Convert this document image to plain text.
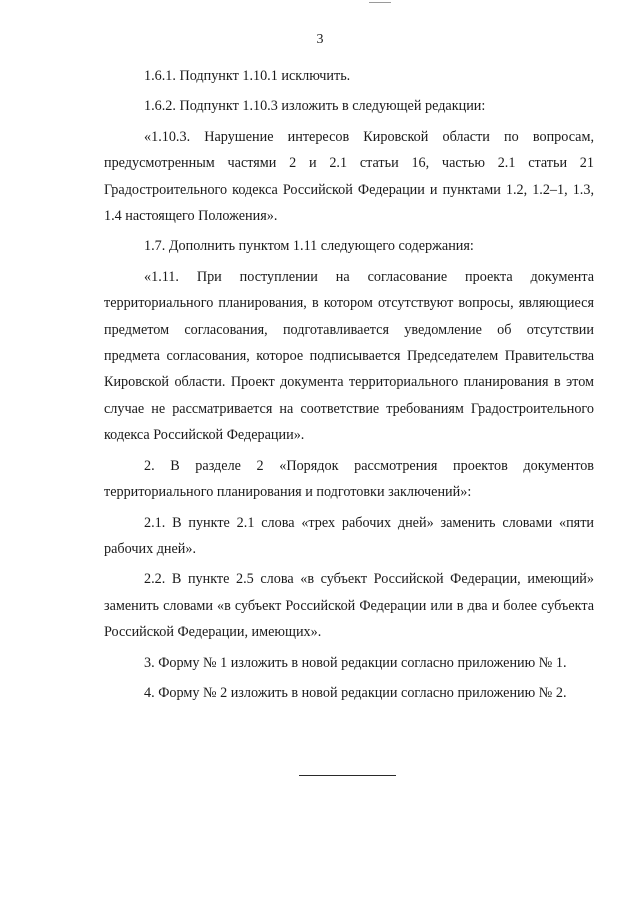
3

1.6.1. Подпункт 1.10.1 исключить.

1.6.2. Подпункт 1.10.3 изложить в следующей редакции:

«1.10.3. Нарушение интересов Кировской области по вопросам, предусмотренным частями 2 и 2.1 статьи 16, частью 2.1 статьи 21 Градостроительного кодекса Российской Федерации и пунктами 1.2, 1.2–1, 1.3, 1.4 настоящего Положения».

1.7. Дополнить пунктом 1.11 следующего содержания:

«1.11. При поступлении на согласование проекта документа территориального планирования, в котором отсутствуют вопросы, являющиеся предметом согласования, подготавливается уведомление об отсутствии предмета согласования, которое подписывается Председателем Правительства Кировской области. Проект документа территориального планирования в этом случае не рассматривается на соответствие требованиям Градостроительного кодекса Российской Федерации».

2. В разделе 2 «Порядок рассмотрения проектов документов территориального планирования и подготовки заключений»:

2.1. В пункте 2.1 слова «трех рабочих дней» заменить словами «пяти рабочих дней».

2.2. В пункте 2.5 слова «в субъект Российской Федерации, имеющий» заменить словами «в субъект Российской Федерации или в два и более субъекта Российской Федерации, имеющих».

3. Форму № 1 изложить в новой редакции согласно приложению № 1.

4. Форму № 2 изложить в новой редакции согласно приложению № 2.
